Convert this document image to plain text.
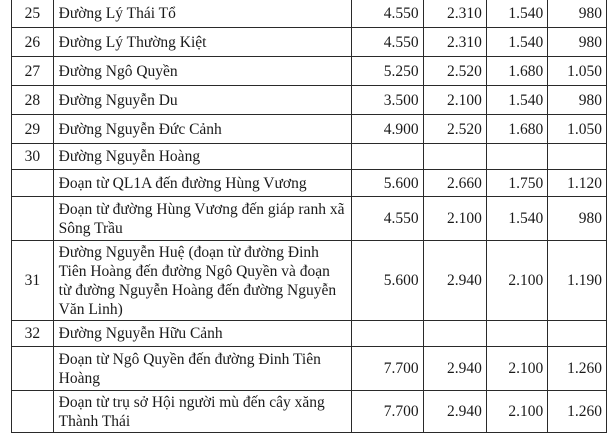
25	Đường Lý Thái Tổ	4.550	2.310	1.540	980
26	Đường Lý Thường Kiệt	4.550	2.310	1.540	980
27	Đường Ngô Quyền	5.250	2.520	1.680	1.050
28	Đường Nguyễn Du	3.500	2.100	1.540	980
29	Đường Nguyễn Đức Cảnh	4.900	2.520	1.680	1.050
30	Đường Nguyễn Hoàng				
	Đoạn từ QL1A đến đường Hùng Vương	5.600	2.660	1.750	1.120
	Đoạn từ đường Hùng Vương đến giáp ranh xã Sông Trầu	4.550	2.100	1.540	980
31	Đường Nguyễn Huệ (đoạn từ đường Đinh Tiên Hoàng đến đường Ngô Quyền và đoạn từ đường Nguyễn Hoàng đến đường Nguyễn Văn Linh)	5.600	2.940	2.100	1.190
32	Đường Nguyễn Hữu Cảnh				
	Đoạn từ Ngô Quyền đến đường Đinh Tiên Hoàng	7.700	2.940	2.100	1.260
	Đoạn từ trụ sở Hội người mù đến cây xăng Thành Thái	7.700	2.940	2.100	1.260
